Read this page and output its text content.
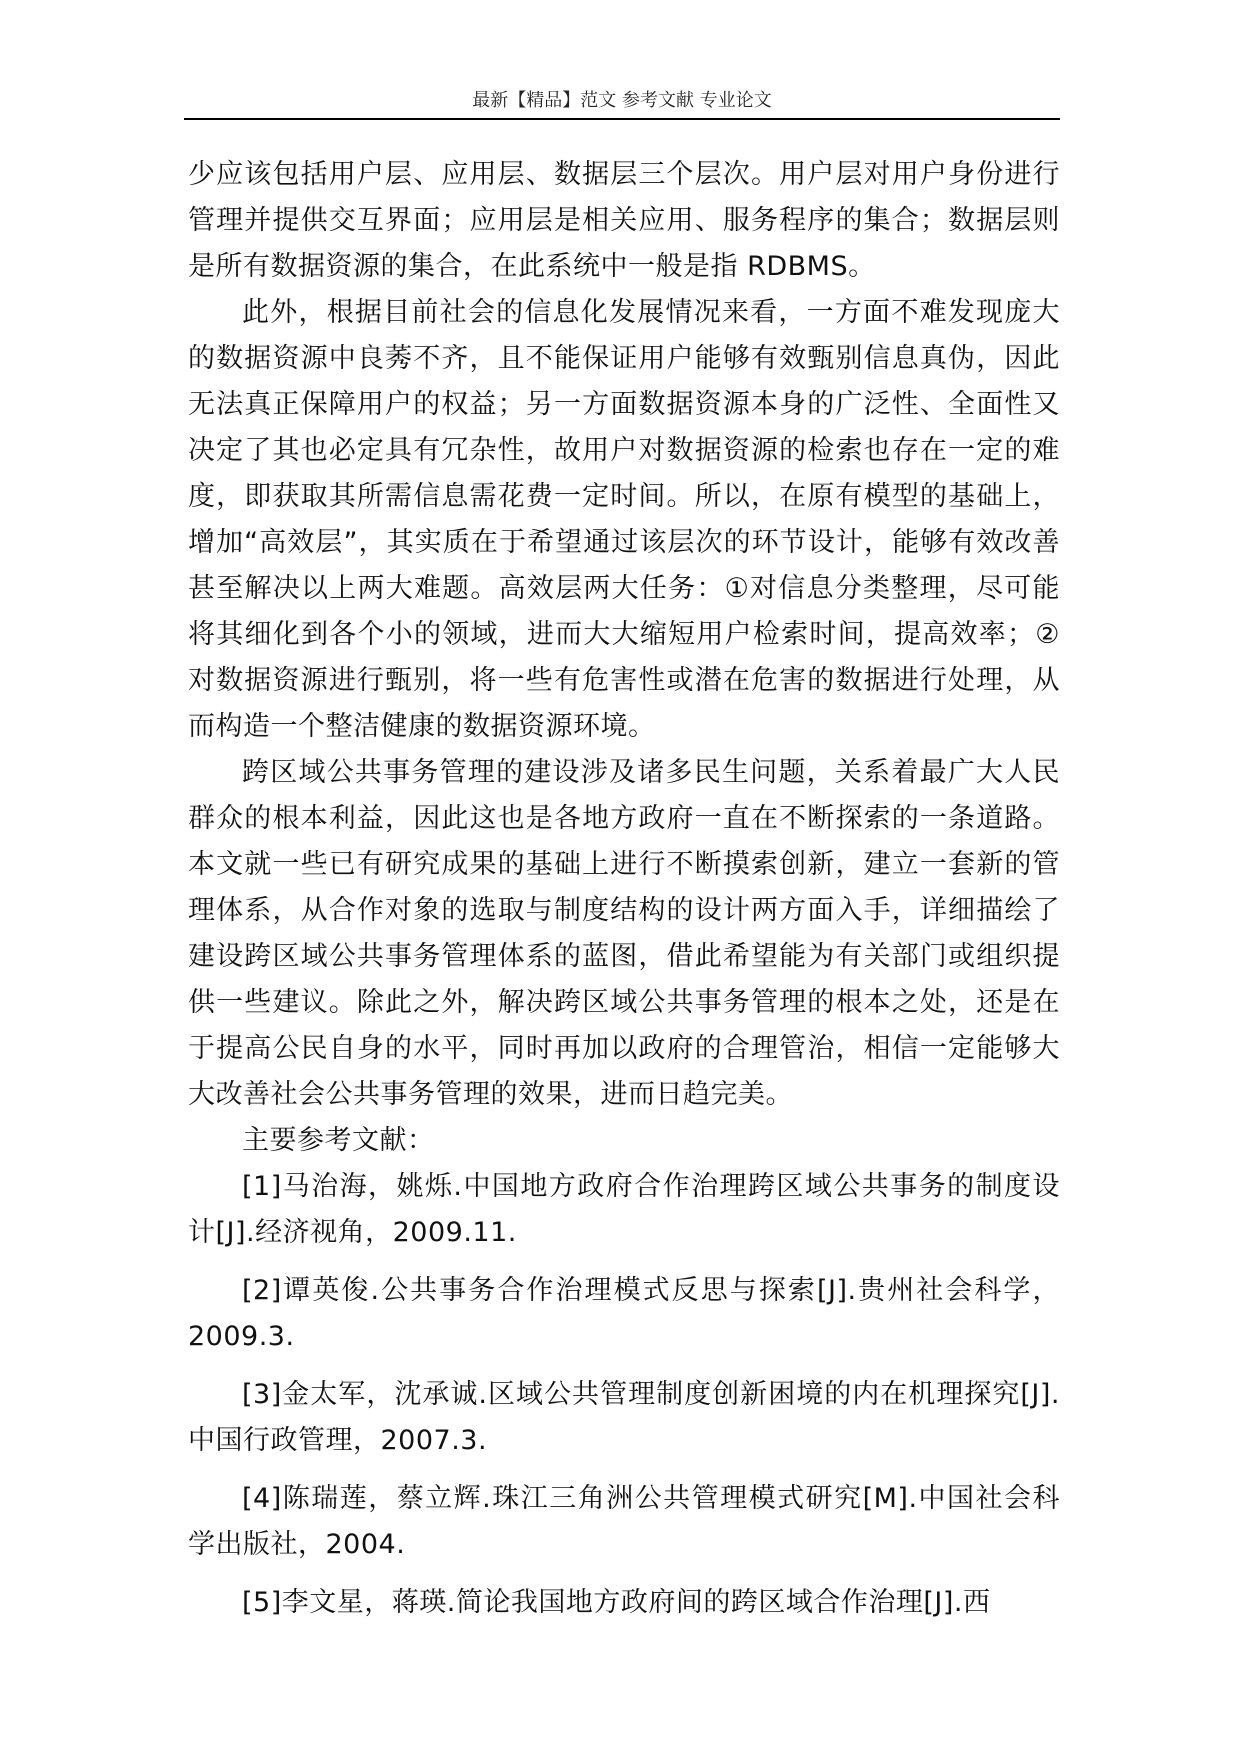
最新【精品】范文 参考文献 专业论文

少应该包括用户层、应用层、数据层三个层次。用户层对用户身份进行管理并提供交互界面；应用层是相关应用、服务程序的集合；数据层则是所有数据资源的集合，在此系统中一般是指 RDBMS。

此外，根据目前社会的信息化发展情况来看，一方面不难发现庞大的数据资源中良莠不齐，且不能保证用户能够有效甄别信息真伪，因此无法真正保障用户的权益；另一方面数据资源本身的广泛性、全面性又决定了其也必定具有冗杂性，故用户对数据资源的检索也存在一定的难度，即获取其所需信息需花费一定时间。所以，在原有模型的基础上，增加“高效层”，其实质在于希望通过该层次的环节设计，能够有效改善甚至解决以上两大难题。高效层两大任务：①对信息分类整理，尽可能将其细化到各个小的领域，进而大大缩短用户检索时间，提高效率；②对数据资源进行甄别，将一些有危害性或潜在危害的数据进行处理，从而构造一个整洁健康的数据资源环境。

跨区域公共事务管理的建设涉及诸多民生问题，关系着最广大人民群众的根本利益，因此这也是各地方政府一直在不断探索的一条道路。本文就一些已有研究成果的基础上进行不断摸索创新，建立一套新的管理体系，从合作对象的选取与制度结构的设计两方面入手，详细描绘了建设跨区域公共事务管理体系的蓝图，借此希望能为有关部门或组织提供一些建议。除此之外，解决跨区域公共事务管理的根本之处，还是在于提高公民自身的水平，同时再加以政府的合理管治，相信一定能够大大改善社会公共事务管理的效果，进而日趋完美。

主要参考文献：

[1]马治海，姚烁.中国地方政府合作治理跨区域公共事务的制度设计[J].经济视角，2009.11.

[2]谭英俊.公共事务合作治理模式反思与探索[J].贵州社会科学，2009.3.

[3]金太军，沈承诚.区域公共管理制度创新困境的内在机理探究[J].中国行政管理，2007.3.

[4]陈瑞莲，蔡立辉.珠江三角洲公共管理模式研究[M].中国社会科学出版社，2004.

[5]李文星，蒋瑛.简论我国地方政府间的跨区域合作治理[J].西
